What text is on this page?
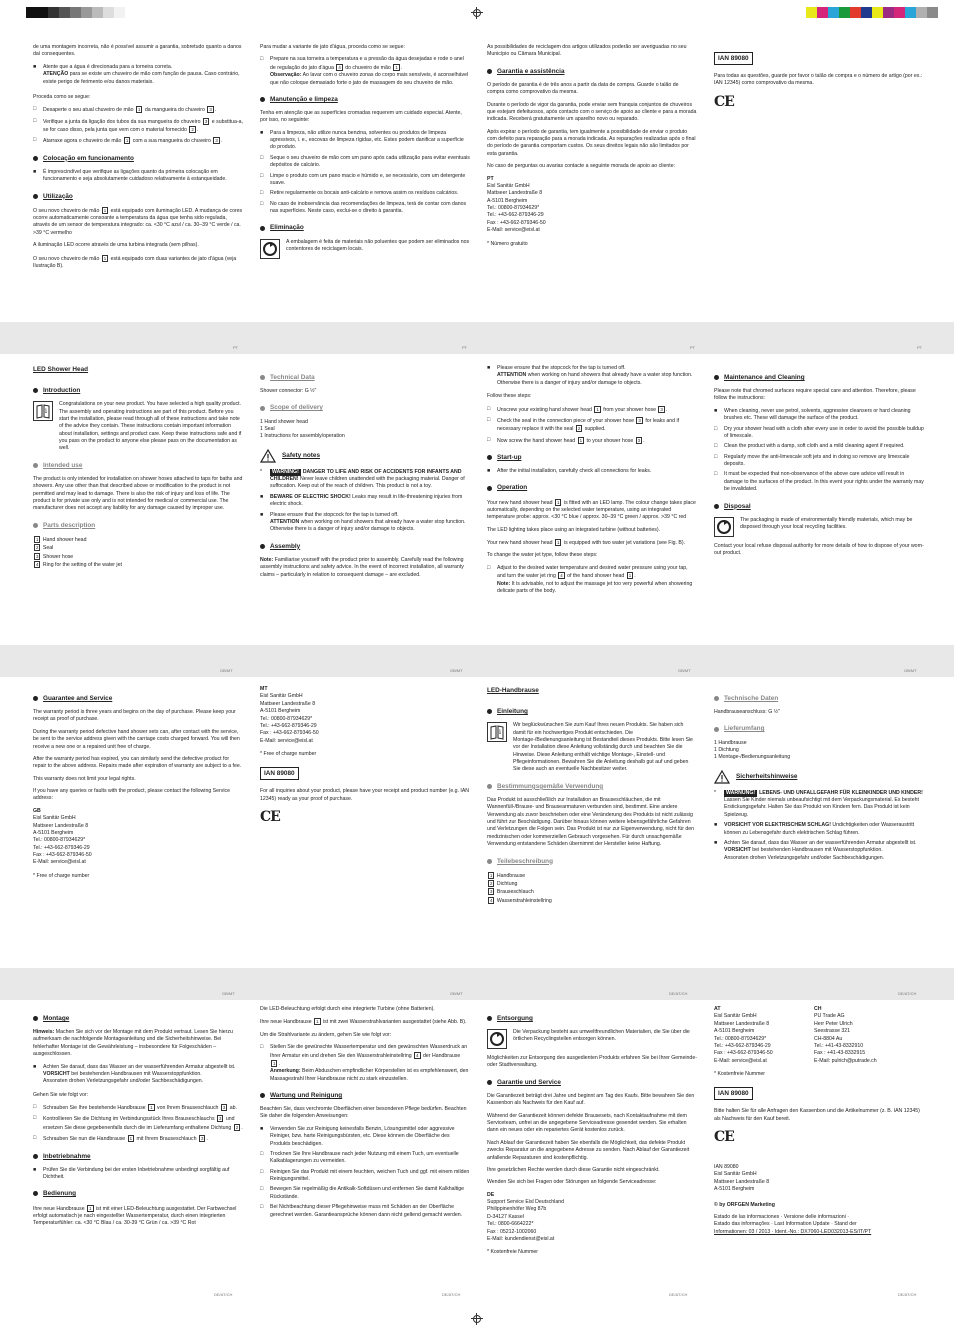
PT	PT	PT	PT
GB/MT	GB/MT	GB/MT	GB/MT
GB/MT	GB/MT	DE/AT/CH	DE/AT/CH
DE/AT/CH	DE/AT/CH	DE/AT/CH	DE/AT/CH

de uma montagem incorreta, não é possível assumir a garantia, sobretudo quanto a danos daí consequentes.

■	Atente que a água é direcionada para a torneira correta.
ATENÇÃO para se existe um chuveiro de mão com função de pausa. Caso contrário, existe perigo de ferimento e/ou danos materiais.

Proceda como se segue:

□	Desaperte o seu atual chuveiro de mão 1 da mangueira do chuveiro 3 .
□	Verifique a junta da ligação dos tubos da sua mangueira do chuveiro 3 e substitua-a, se for caso disso, pela junta que vem com o material fornecido 2 .
□	Atarraxe agora o chuveiro de mão 1 com a sua mangueira do chuveiro 3 .
Colocação em funcionamento
■	É imprescindível que verifique as ligações quanto da primeira colocação em funcionamento e seja absolutamente cuidadoso relativamente à estanqueidade.
Utilização

O seu novo chuveiro de mão 1 está equipado com iluminação LED. A mudança de cores ocorre automaticamente consoante a temperatura da água que tenha sido regulada, através de um sensor de temperatura integrado: ca. <30 °C azul / ca. 30–39 °C verde / ca. >39 °C vermelho

A iluminação LED ocorre através de uma turbina integrada (sem pilhas).

O seu novo chuveiro de mão 1 está equipado com duas variantes de jato d'água (veja Ilustração B).

Para mudar a variante de jato d'água, proceda como se segue:

□	Prepare na sua torneira a temperatura e a pressão da água desejadas e rode o anel de regulação do jato d'água 4 do chuveiro de mão 1 .
Observação: Ao lavar com o chuveiro zonas do corpo mais sensíveis, é aconselhável que não coloque demasiado forte o jato de massagem do seu chuveiro de mão.
Manutenção e limpeza

Tenha em atenção que as superfícies cromadas requerem um cuidado especial. Atente, por isso, no seguinte:

■	Para a limpeza, não utilize nunca benzina, solventes ou produtos de limpeza agressivos, i. e., escovas de limpeza rígidas, etc. Estes podem danificar a superfície do produto.
□	Seque o seu chuveiro de mão com um pano após cada utilização para evitar eventuais depósitos de calcário.
□	Limpe o produto com um pano macio e húmido e, se necessário, com um detergente suave.
□	Retire regularmente os bocais anti-calcário e remova assim os resíduos calcários.
□	No caso de inobservância das recomendações de limpeza, terá de contar com danos nas superfícies. Neste caso, exclui-se o direito à garantia.
Eliminação
A embalagem é feita de materiais não poluentes que podem ser eliminados nos contentores de reciclagem locais.

As possibilidades de reciclagem dos artigos utilizados poderão ser averiguadas no seu Município ou Câmara Municipal.

Garantia e assistência

O período de garantia é de três anos a partir da data de compra. Guarde o talão de compra como comprovativo da mesma.

Durante o período de vigor da garantia, pode enviar sem franquia conjuntos de chuveiros que estejam defeituosos, após contacto com o serviço de apoio ao cliente e para a morada indicada. Receberá gratuitamente um aparelho novo ou reparado.

Após expirar o período de garantia, tem igualmente a possibilidade de enviar o produto com defeito para reparação para a morada indicada. As reparações realizadas após o final do período de garantia comportam custos. Os seus direitos legais não são limitados por esta garantia.

No caso de perguntas ou avarias contacte a seguinte morada de apoio ao cliente:

PT

Eisl Sanitär GmbH

Mattseer Landestraße 8

A-5101 Bergheim

Tel.: 00800-87934629*

Tel.: +43-662-879346-29

Fax : +43-662-879346-50

E-Mail: service@eisl.at

* Número gratuito

IAN 89080

Para todas as questões, guarde por favor o talão de compra e o número de artigo (por ex.: IAN 12345) como comprovativo da mesma.

CE
LED Shower Head
Introduction
i
Congratulations on your new product. You have selected a high quality product. The assembly and operating instructions are part of this product. Before you start the installation, please read through all of these instructions and take note of the advice they contain. These instructions contain important information about installation, settings and product care. Keep these instructions safe and if you pass on the product to anyone else please pass on the documentation as well.
Intended use

The product is only intended for installation on shower hoses attached to taps for baths and showers. Any use other than that described above or modification to the product is not permitted and may lead to damage. There is also the risk of injury and loss of life. The product is for private use only and is not intended for medical or commercial use. The manufacturer does not accept any liability for any damage caused by improper use.

Parts description
1 Hand shower head
2 Seal
3 Shower hose
4 Ring for the setting of the water jet
Technical Data

Shower connector: G ½"

Scope of delivery
1 Hand shower head
1 Seal
1 Instructions for assembly/operation
Safety notes
*	WARNING! DANGER TO LIFE AND RISK OF ACCIDENTS FOR INFANTS AND CHILDREN! Never leave children unattended with the packaging material. Danger of suffocation. Keep out of the reach of children. This product is not a toy.
■	BEWARE OF ELECTRIC SHOCK! Leaks may result in life-threatening injuries from electric shock.
■	Please ensure that the stopcock for the tap is turned off.
ATTENTION when working on hand showers that already have a water stop function.
Otherwise there is a danger of injury and/or damage to objects.
Assembly

Note: Familiarise yourself with the product prior to assembly. Carefully read the following assembly instructions and safety advice. In the event of incorrect installation, all warranty claims – particularly in relation to consequent damage – are excluded.

■	Please ensure that the stopcock for the tap is turned off.
ATTENTION when working on hand showers that already have a water stop function.
Otherwise there is a danger of injury and/or damage to objects.

Follow these steps:

□	Unscrew your existing hand shower head 1 from your shower hose 3 .
□	Check the seal in the connection piece of your shower hose 3 for leaks and if necessary replace it with the seal 2 supplied.
□	Now screw the hand shower head 1 to your shower hose 3 .
Start-up
■	After the initial installation, carefully check all connections for leaks.
Operation

Your new hand shower head 1 is fitted with an LED lamp. The colour change takes place automatically, depending on the selected water temperature, using an integrated temperature probe: approx. <30 °C blue / approx. 30–39 °C green / approx. >39 °C red

The LED lighting takes place using an integrated turbine (without batteries).

Your new hand shower head 1 is equipped with two water jet variations (see Fig. B).

To change the water jet type, follow these steps:

□	Adjust to the desired water temperature and desired water pressure using your tap, and turn the water jet ring 4 of the hand shower head 1 .
Note: It is advisable, not to adjust the massage jet too very powerful when showering delicate parts of the body.
Maintenance and Cleaning

Please note that chromed surfaces require special care and attention. Therefore, please follow the instructions:

■	When cleaning, never use petrol, solvents, aggressive cleansers or hard cleaning brushes etc. These will damage the surface of the product.
□	Dry your shower head with a cloth after every use in order to avoid the possible buildup of limescale.
□	Clean the product with a damp, soft cloth and a mild cleaning agent if required.
□	Regularly move the anti-limescale soft jets and in doing so remove any limescale deposits.
□	It must be expected that non-observance of the above care advice will result in damage to the surfaces of the product. In this event your rights under the warranty may be invalidated.
Disposal
The packaging is made of environmentally friendly materials, which may be disposed through your local recycling facilities.

Contact your local refuse disposal authority for more details of how to dispose of your worn-out product.

Guarantee and Service

The warranty period is three years and begins on the day of purchase. Please keep your receipt as proof of purchase.

During the warranty period defective hand shower sets can, after contact with the service, be sent to the service address given with the carriage costs charged forward. You will then receive a new one or a repaired unit free of charge.

After the warranty period has expired, you can similarly send the defective product for repair to the above address. Repairs made after expiration of warranty are subject to a fee.

This warranty does not limit your legal rights.

If you have any queries or faults with the product, please contact the following Service address:

GB

Eisl Sanitär GmbH

Mattseer Landestraße 8

A-5101 Bergheim

Tel.: 00800-87934629*

Tel.: +43-662-879346-29

Fax : +43-662-879346-50

E-Mail: service@eisl.at

* Free of charge number

MT

Eisl Sanitär GmbH

Mattseer Landestraße 8

A-5101 Bergheim

Tel.: 00800-87934629*

Tel.: +43-662-879346-29

Fax : +43-662-879346-50

E-Mail: service@eisl.at

* Free of charge number

IAN 89080

For all inquiries about your product, please have your receipt and product number (e.g. IAN 12345) ready as your proof of purchase.

CE
LED-Handbrause
Einleitung
i
Wir beglückwünschen Sie zum Kauf Ihres neuen Produkts. Sie haben sich damit für ein hochwertiges Produkt entschieden. Die Montage-/Bedienungsanleitung ist Bestandteil dieses Produkts. Bitte lesen Sie vor der Installation diese Anleitung vollständig durch und beachten Sie die Hinweise. Diese Anleitung enthält wichtige Montage-, Einstell- und Pflegeinformationen. Bewahren Sie die Anleitung deshalb gut auf und geben Sie diese auch an eventuelle Nachbesitzer weiter.
Bestimmungsgemäße Verwendung

Das Produkt ist ausschließlich zur Installation an Brauseschläuchen, die mit Wannenfüll-/Brause- und Brausearmaturen verbunden sind, bestimmt. Eine andere Verwendung als zuvor beschrieben oder eine Veränderung des Produkts ist nicht zulässig und führt zur Beschädigung. Darüber hinaus können weitere lebensgefährliche Gefahren und Verletzungen die Folgen sein. Das Produkt ist nur zur Eigenverwendung, nicht für den medizinischen oder kommerziellen Gebrauch vorgesehen. Für durch unsachgemäße Verwendung entstandene Schäden übernimmt der Hersteller keine Haftung.

Teilebeschreibung
1 Handbrause
2 Dichtung
3 Brauseschlauch
4 Wasserstrahleinstellring
Technische Daten

Handbrauseanschluss: G ½"

Lieferumfang
1 Handbrause
1 Dichtung
1 Montage-/Bedienungsanleitung
Sicherheitshinweise
*	WARNUNG! LEBENS- UND UNFALLGEFAHR FÜR KLEINKINDER UND KINDER! Lassen Sie Kinder niemals unbeaufsichtigt mit dem Verpackungsmaterial. Es besteht Erstickungsgefahr. Halten Sie das Produkt von Kindern fern. Das Produkt ist kein Spielzeug.
■	VORSICHT VOR ELEKTRISCHEM SCHLAG! Undichtigkeiten oder Wasseraustritt können zu Lebensgefahr durch elektrischen Schlag führen.
■	Achten Sie darauf, dass das Wasser an der wasserführenden Armatur abgestellt ist. VORSICHT bei bestehenden Handbrausen mit Wasserstoppfunktion.
Ansonsten drohen Verletzungsgefahr und/oder Sachbeschädigungen.
Montage

Hinweis: Machen Sie sich vor der Montage mit dem Produkt vertraut. Lesen Sie hierzu aufmerksam die nachfolgende Montageanleitung und die Sicherheitshinweise. Bei fehlerhafter Montage ist die Gewährleistung – insbesondere für Folgeschäden – ausgeschlossen.

■	Achten Sie darauf, dass das Wasser an der wasserführenden Armatur abgestellt ist.
VORSICHT bei bestehenden Handbrausen mit Wasserstoppfunktion.
Ansonsten drohen Verletzungsgefahr und/oder Sachbeschädigungen.

Gehen Sie wie folgt vor:

□	Schrauben Sie Ihre bestehende Handbrause 1 von Ihrem Brauseschlauch 3 ab.
□	Kontrollieren Sie die Dichtung im Verbindungsstück Ihres Brauseschlauchs 3 und ersetzen Sie diese gegebenenfalls durch die im Lieferumfang enthaltene Dichtung 2 .
□	Schrauben Sie nun die Handbrause 1 mit Ihrem Brauseschlauch 3 .
Inbetriebnahme
■	Prüfen Sie die Verbindung bei der ersten Inbetriebnahme unbedingt sorgfältig auf Dichtheit.
Bedienung

Ihre neue Handbrause 1 ist mit einer LED-Beleuchtung ausgestattet. Der Farbwechsel erfolgt automatisch je nach eingestellter Wassertemperatur, durch einen integrierten Temperaturfühler: ca. <30 °C Blau / ca. 30-39 °C Grün / ca. >39 °C Rot

Die LED-Beleuchtung erfolgt durch eine integrierte Turbine (ohne Batterien).

Ihre neue Handbrause 1 ist mit zwei Wasserstrahlvarianten ausgestattet (siehe Abb. B).

Um die Strahlvariante zu ändern, gehen Sie wie folgt vor:

□	Stellen Sie die gewünschte Wassertemperatur und den gewünschten Wasserdruck an Ihrer Armatur ein und drehen Sie den Wasserstrahleinstellring 4 der Handbrause 1 .
Anmerkung: Beim Abduschen empfindlicher Körperstellen ist es empfehlenswert, den Massagestrahl Ihrer Handbrause nicht zu stark einzustellen.
Wartung und Reinigung

Beachten Sie, dass verchromte Oberflächen einer besonderen Pflege bedürfen. Beachten Sie daher die folgenden Anweisungen:

■	Verwenden Sie zur Reinigung keinesfalls Benzin, Lösungsmittel oder aggressive Reiniger, bzw. harte Reinigungsbürsten, etc. Diese können die Oberfläche des Produkts beschädigen.
□	Trocknen Sie Ihre Handbrause nach jeder Nutzung mit einem Tuch, um eventuelle Kalkablagerungen zu vermeiden.
□	Reinigen Sie das Produkt mit einem feuchten, weichen Tuch und ggf. mit einem milden Reinigungsmittel.
□	Bewegen Sie regelmäßig die Antikalk-Softdüsen und entfernen Sie damit Kalkhaltige Rückstände.
□	Bei Nichtbeachtung dieser Pflegehinweise muss mit Schäden an der Oberfläche gerechnet werden. Garantieansprüche können dann nicht geltend gemacht werden.
Entsorgung
Die Verpackung besteht aus umweltfreundlichen Materialien, die Sie über die örtlichen Recyclingstellen entsorgen können.

Möglichkeiten zur Entsorgung des ausgedienten Produkts erfahren Sie bei Ihrer Gemeinde- oder Stadtverwaltung.

Garantie und Service

Die Garantiezeit beträgt drei Jahre und beginnt am Tag des Kaufs. Bitte bewahren Sie den Kassenbon als Nachweis für den Kauf auf.

Während der Garantiezeit können defekte Brausesets, nach Kontaktaufnahme mit dem Serviceteam, unfrei an die angegebene Serviceadresse gesendet werden. Sie erhalten dann ein neues oder ein repariertes Gerät kostenlos zurück.

Nach Ablauf der Garantiezeit haben Sie ebenfalls die Möglichkeit, das defekte Produkt zwecks Reparatur an die angegebene Adresse zu senden. Nach Ablauf der Garantiezeit anfallende Reparaturen sind kostenpflichtig.

Ihre gesetzlichen Rechte werden durch diese Garantie nicht eingeschränkt.

Wenden Sie sich bei Fragen oder Störungen an folgende Serviceadresse:

DE

Support Service Eisl Deutschland

Philippinenhöfer Weg 87b

D-34127 Kassel

Tel.: 0800-6664222*

Fax : 05212-1002060

E-Mail: kundendienst@eisl.at

* Kostenfreie Nummer

AT

Eisl Sanitär GmbH

Mattseer Landestraße 8

A-5101 Bergheim

Tel.: 00800-87934629*

Tel.: +43-662-879346-29

Fax : +43-662-879346-50

E-Mail: service@eisl.at

CH

PU Trade AG

Herr Peter Ulrich

Seestrasse 321

CH-8804 Au

Tel.: +41-43-8332910

Fax : +41-43-8332915

E-Mail: pulrich@putrade.ch

* Kostenfreie Nummer

IAN 89080

Bitte halten Sie für alle Anfragen den Kassenbon und die Artikelnummer (z. B. IAN 12345) als Nachweis für den Kauf bereit.

CE

IAN 89080

Eisl Sanitär GmbH

Mattseer Landestraße 8

A-5101 Bergheim

© by ORFGEN Marketing

Estado de las informaciones · Versione delle informazioni ·

Estado das informações · Last Information Update · Stand der

Informationen: 03 / 2013 · Ident.-No.: DX7060-LED032013-ES/IT/PT
